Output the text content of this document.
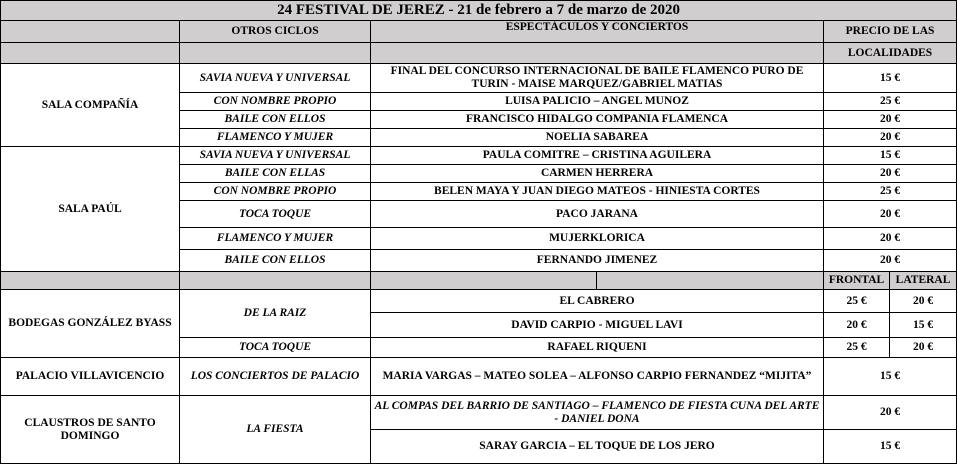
24 FESTIVAL DE JEREZ - 21 de febrero a 7 de marzo de 2020					
	OTROS CICLOS	ESPECTÁCULOS Y CONCIERTOS		PRECIO DE LAS	
				LOCALIDADES	
SALA COMPAÑÍA	SAVIA NUEVA Y UNIVERSAL	FINAL DEL CONCURSO INTERNACIONAL DE BAILE FLAMENCO PURO DE TURIN - MAISE MARQUEZ/GABRIEL MATIAS		15 €	
	CON NOMBRE PROPIO	LUISA PALICIO – ANGEL MUNOZ		25 €	
	BAILE CON ELLOS	FRANCISCO HIDALGO COMPANIA FLAMENCA		20 €	
	FLAMENCO Y MUJER	NOELIA SABAREA		20 €	
SALA PAÚL	SAVIA NUEVA Y UNIVERSAL	PAULA COMITRE – CRISTINA AGUILERA		15 €	
	BAILE CON ELLAS	CARMEN HERRERA		20 €	
	CON NOMBRE PROPIO	BELEN MAYA Y JUAN DIEGO MATEOS - HINIESTA CORTES		25 €	
	TOCA TOQUE	PACO JARANA		20 €	
	FLAMENCO Y MUJER	MUJERKLORICA		20 €	
	BAILE CON ELLOS	FERNANDO JIMENEZ		20 €	
				FRONTAL	LATERAL
BODEGAS GONZÁLEZ BYASS	DE LA RAIZ	EL CABRERO		25 €	20 €
		DAVID CARPIO - MIGUEL LAVI		20 €	15 €
	TOCA TOQUE	RAFAEL RIQUENI		25 €	20 €
PALACIO VILLAVICENCIO	LOS CONCIERTOS DE PALACIO	MARIA VARGAS – MATEO SOLEA – ALFONSO CARPIO FERNANDEZ “MIJITA”		15 €	
CLAUSTROS DE SANTO DOMINGO	LA FIESTA	AL COMPAS DEL BARRIO DE SANTIAGO – FLAMENCO DE FIESTA CUNA DEL ARTE - DANIEL DONA		20 €	
		SARAY GARCIA – EL TOQUE DE LOS JERO		15 €	
